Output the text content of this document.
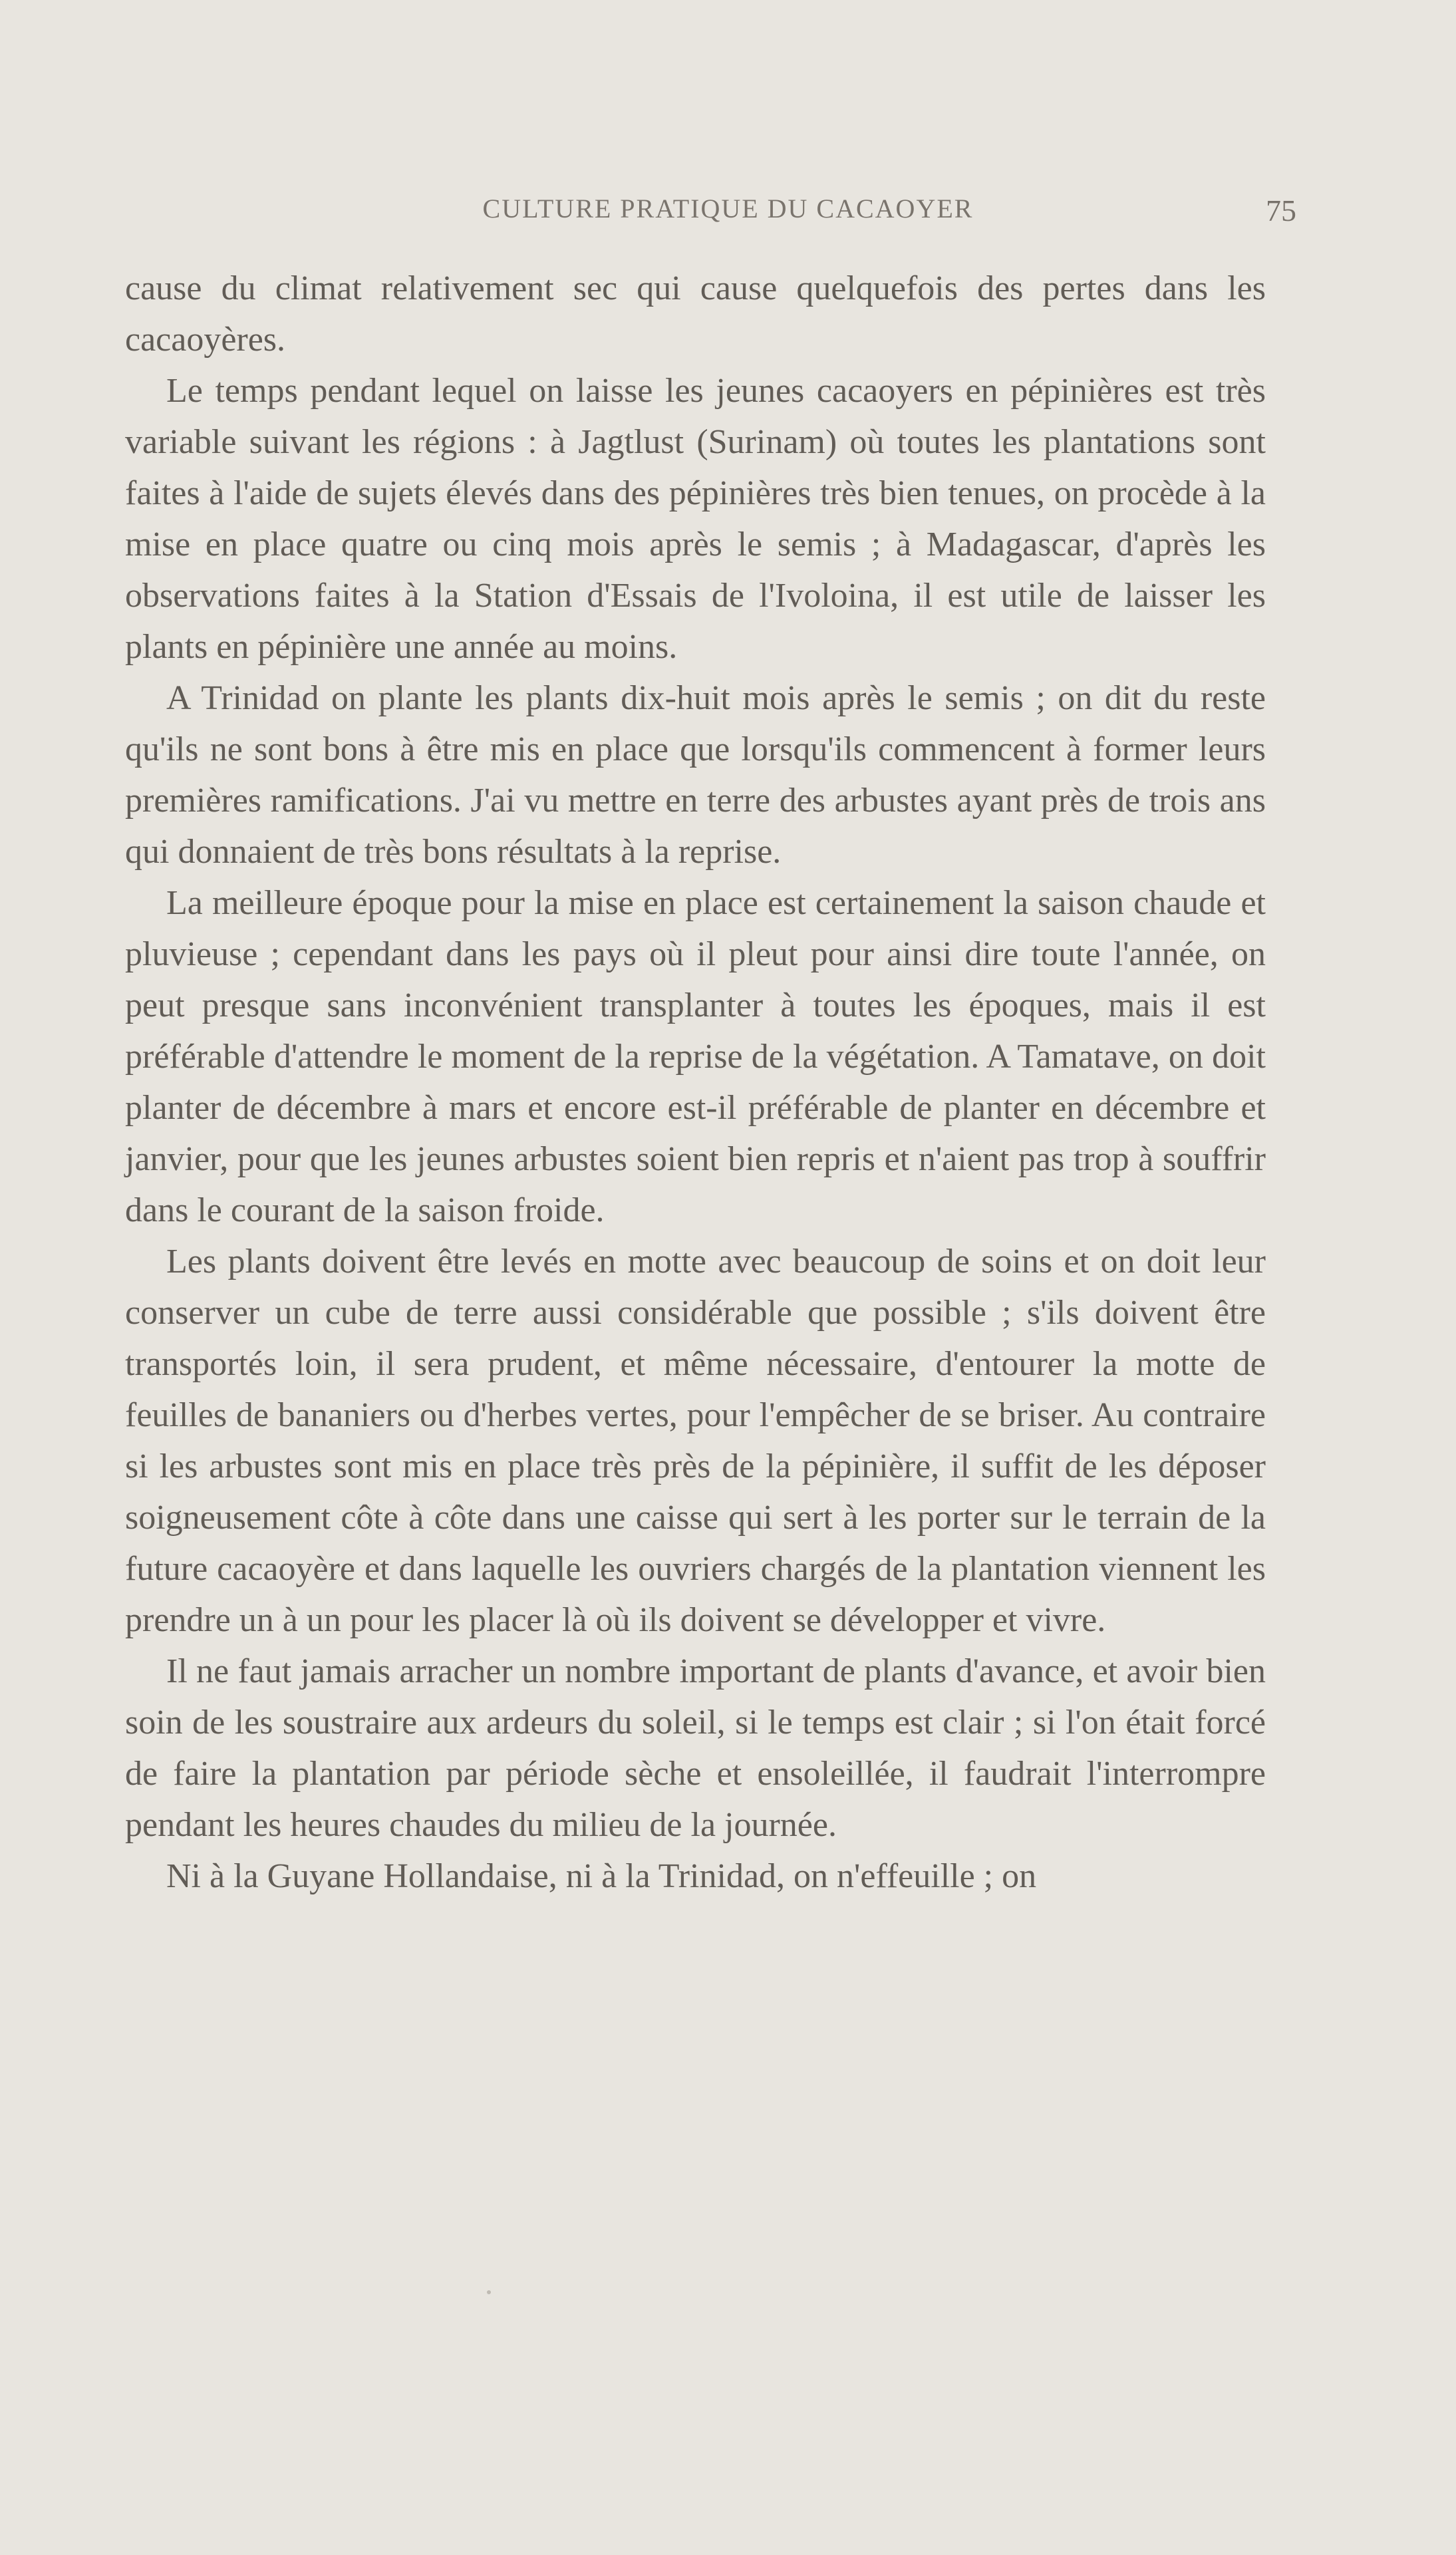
CULTURE PRATIQUE DU CACAOYER	75

cause du climat relativement sec qui cause quelquefois des pertes dans les cacaoyères.

Le temps pendant lequel on laisse les jeunes cacaoyers en pépinières est très variable suivant les régions : à Jagtlust (Surinam) où toutes les plantations sont faites à l'aide de sujets élevés dans des pépinières très bien tenues, on procède à la mise en place quatre ou cinq mois après le semis ; à Madagascar, d'après les observations faites à la Station d'Essais de l'Ivoloina, il est utile de laisser les plants en pépinière une année au moins.

A Trinidad on plante les plants dix-huit mois après le semis ; on dit du reste qu'ils ne sont bons à être mis en place que lorsqu'ils commencent à former leurs premières ramifications. J'ai vu mettre en terre des arbustes ayant près de trois ans qui donnaient de très bons résultats à la reprise.

La meilleure époque pour la mise en place est certainement la saison chaude et pluvieuse ; cependant dans les pays où il pleut pour ainsi dire toute l'année, on peut presque sans inconvénient transplanter à toutes les époques, mais il est préférable d'attendre le moment de la reprise de la végétation. A Tamatave, on doit planter de décembre à mars et encore est-il préférable de planter en décembre et janvier, pour que les jeunes arbustes soient bien repris et n'aient pas trop à souffrir dans le courant de la saison froide.

Les plants doivent être levés en motte avec beaucoup de soins et on doit leur conserver un cube de terre aussi considérable que possible ; s'ils doivent être transportés loin, il sera prudent, et même nécessaire, d'entourer la motte de feuilles de bananiers ou d'herbes vertes, pour l'empêcher de se briser. Au contraire si les arbustes sont mis en place très près de la pépinière, il suffit de les déposer soigneusement côte à côte dans une caisse qui sert à les porter sur le terrain de la future cacaoyère et dans laquelle les ouvriers chargés de la plantation viennent les prendre un à un pour les placer là où ils doivent se développer et vivre.

Il ne faut jamais arracher un nombre important de plants d'avance, et avoir bien soin de les soustraire aux ardeurs du soleil, si le temps est clair ; si l'on était forcé de faire la plantation par période sèche et ensoleillée, il faudrait l'interrompre pendant les heures chaudes du milieu de la journée.

Ni à la Guyane Hollandaise, ni à la Trinidad, on n'effeuille ; on
